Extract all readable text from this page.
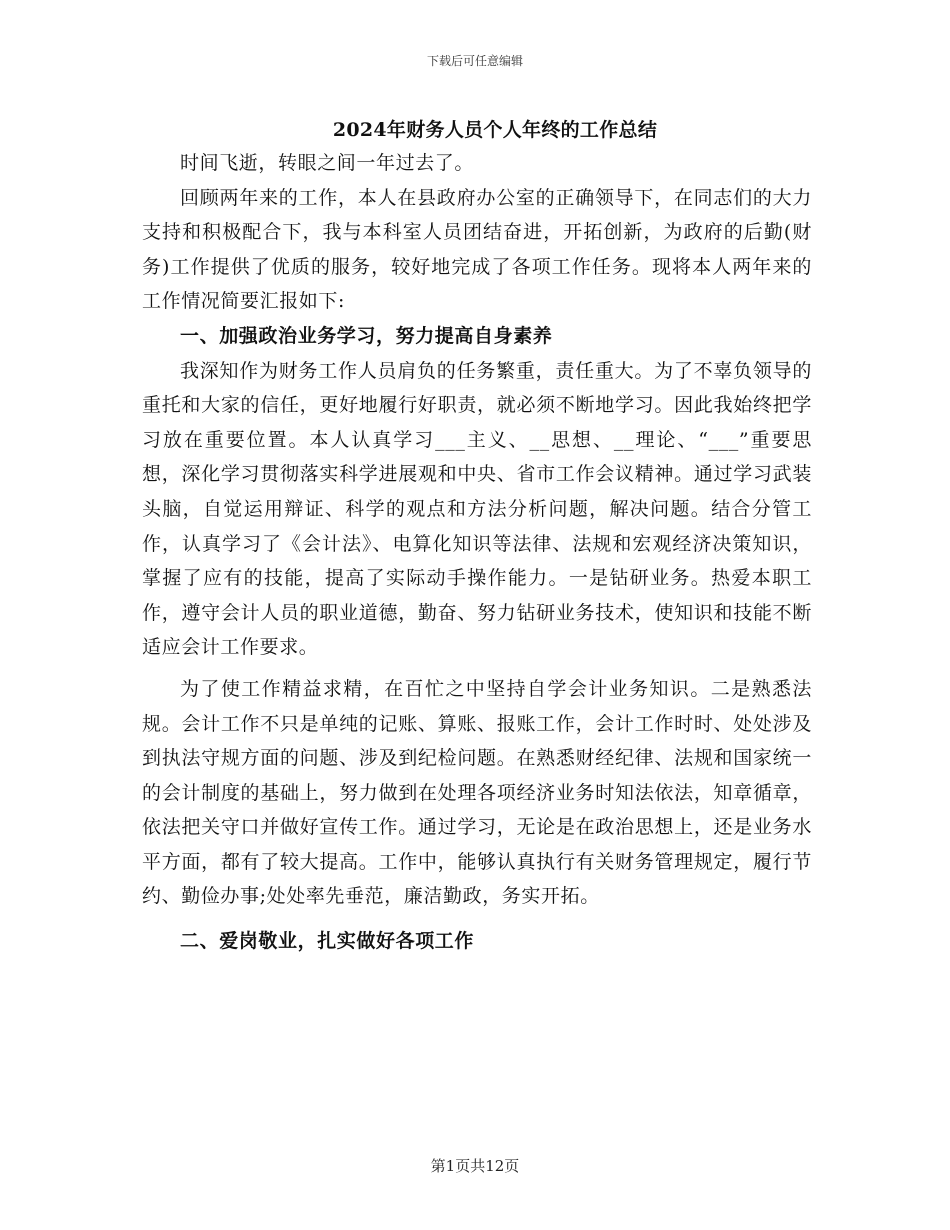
下载后可任意编辑
2024年财务人员个人年终的工作总结

时间飞逝，转眼之间一年过去了。

回顾两年来的工作，本人在县政府办公室的正确领导下，在同志们的大力支持和积极配合下，我与本科室人员团结奋进，开拓创新，为政府的后勤(财务)工作提供了优质的服务，较好地完成了各项工作任务。现将本人两年来的工作情况简要汇报如下:

一、加强政治业务学习，努力提高自身素养

我深知作为财务工作人员肩负的任务繁重，责任重大。为了不辜负领导的重托和大家的信任，更好地履行好职责，就必须不断地学习。因此我始终把学习放在重要位置。本人认真学习___主义、__思想、__理论、“___”重要思想，深化学习贯彻落实科学进展观和中央、省市工作会议精神。通过学习武装头脑，自觉运用辩证、科学的观点和方法分析问题，解决问题。结合分管工作，认真学习了《会计法》、电算化知识等法律、法规和宏观经济决策知识，掌握了应有的技能，提高了实际动手操作能力。一是钻研业务。热爱本职工作，遵守会计人员的职业道德，勤奋、努力钻研业务技术，使知识和技能不断适应会计工作要求。

为了使工作精益求精，在百忙之中坚持自学会计业务知识。二是熟悉法规。会计工作不只是单纯的记账、算账、报账工作，会计工作时时、处处涉及到执法守规方面的问题、涉及到纪检问题。在熟悉财经纪律、法规和国家统一的会计制度的基础上，努力做到在处理各项经济业务时知法依法，知章循章，依法把关守口并做好宣传工作。通过学习，无论是在政治思想上，还是业务水平方面，都有了较大提高。工作中，能够认真执行有关财务管理规定，履行节约、勤俭办事;处处率先垂范，廉洁勤政，务实开拓。

二、爱岗敬业，扎实做好各项工作

第1页共12页
